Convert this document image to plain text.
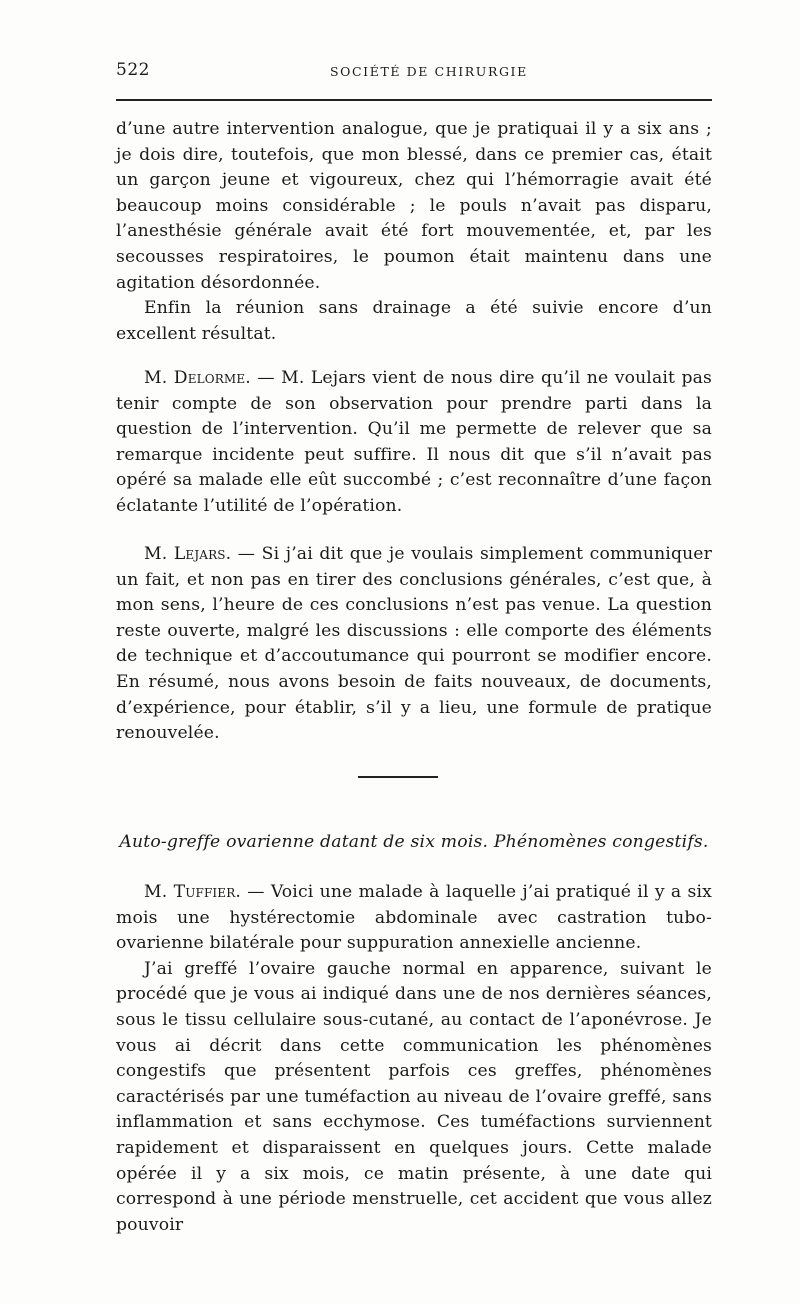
522	SOCIÉTÉ DE CHIRURGIE

d’une autre intervention analogue, que je pratiquai il y a six ans ; je dois dire, toutefois, que mon blessé, dans ce premier cas, était un garçon jeune et vigoureux, chez qui l’hémorragie avait été beaucoup moins considérable ; le pouls n’avait pas disparu, l’anesthésie générale avait été fort mouvementée, et, par les secousses respiratoires, le poumon était maintenu dans une agitation désordonnée.

Enfin la réunion sans drainage a été suivie encore d’un excellent résultat.

M. Delorme. — M. Lejars vient de nous dire qu’il ne voulait pas tenir compte de son observation pour prendre parti dans la question de l’intervention. Qu’il me permette de relever que sa remarque incidente peut suffire. Il nous dit que s’il n’avait pas opéré sa malade elle eût succombé ; c’est reconnaître d’une façon éclatante l’utilité de l’opération.

M. Lejars. — Si j’ai dit que je voulais simplement communiquer un fait, et non pas en tirer des conclusions générales, c’est que, à mon sens, l’heure de ces conclusions n’est pas venue. La question reste ouverte, malgré les discussions : elle comporte des éléments de technique et d’accoutumance qui pourront se modifier encore. En résumé, nous avons besoin de faits nouveaux, de documents, d’expérience, pour établir, s’il y a lieu, une formule de pratique renouvelée.

Auto-greffe ovarienne datant de six mois. Phénomènes congestifs.

M. Tuffier. — Voici une malade à laquelle j’ai pratiqué il y a six mois une hystérectomie abdominale avec castration tubo-ovarienne bilatérale pour suppuration annexielle ancienne.

J’ai greffé l’ovaire gauche normal en apparence, suivant le procédé que je vous ai indiqué dans une de nos dernières séances, sous le tissu cellulaire sous-cutané, au contact de l’aponévrose. Je vous ai décrit dans cette communication les phénomènes congestifs que présentent parfois ces greffes, phénomènes caractérisés par une tuméfaction au niveau de l’ovaire greffé, sans inflammation et sans ecchymose. Ces tuméfactions surviennent rapidement et disparaissent en quelques jours. Cette malade opérée il y a six mois, ce matin présente, à une date qui correspond à une période menstruelle, cet accident que vous allez pouvoir
